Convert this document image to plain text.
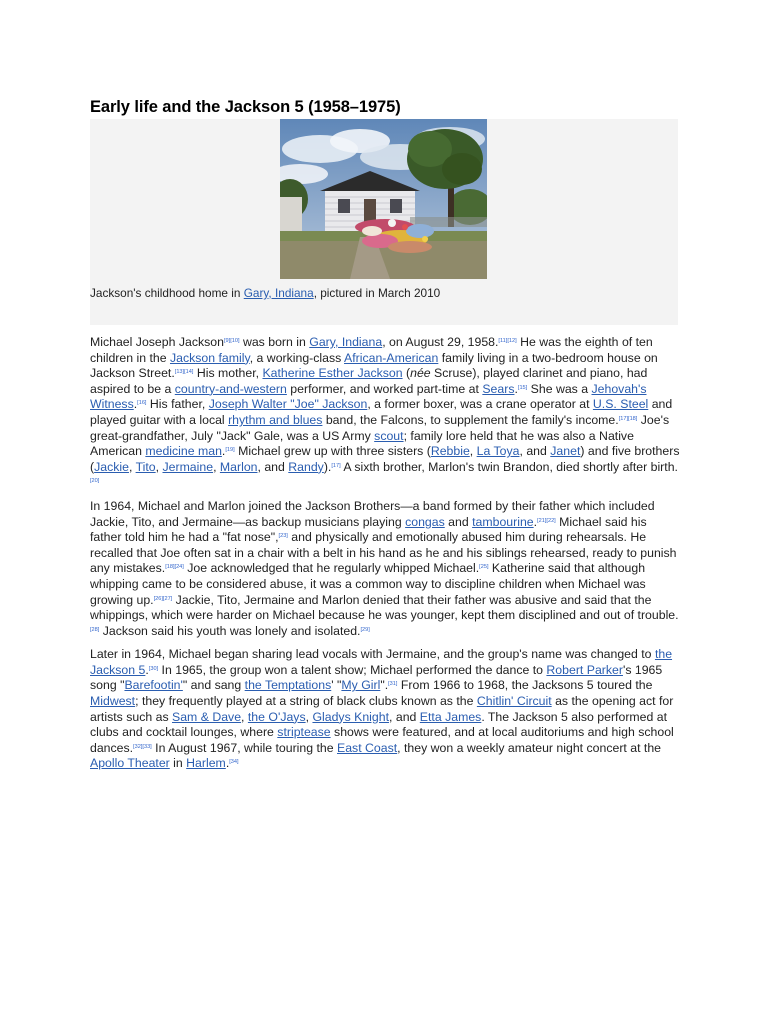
Early life and the Jackson 5 (1958–1975)
Jackson's childhood home in Gary, Indiana, pictured in March 2010

Michael Joseph Jackson[9][10] was born in Gary, Indiana, on August 29, 1958.[11][12] He was the eighth of ten children in the Jackson family, a working-class African-American family living in a two-bedroom house on Jackson Street.[13][14] His mother, Katherine Esther Jackson (née Scruse), played clarinet and piano, had aspired to be a country-and-western performer, and worked part-time at Sears.[15] She was a Jehovah's Witness.[16] His father, Joseph Walter "Joe" Jackson, a former boxer, was a crane operator at U.S. Steel and played guitar with a local rhythm and blues band, the Falcons, to supplement the family's income.[17][18] Joe's great-grandfather, July "Jack" Gale, was a US Army scout; family lore held that he was also a Native American medicine man.[19] Michael grew up with three sisters (Rebbie, La Toya, and Janet) and five brothers (Jackie, Tito, Jermaine, Marlon, and Randy).[17] A sixth brother, Marlon's twin Brandon, died shortly after birth.[20]

In 1964, Michael and Marlon joined the Jackson Brothers—a band formed by their father which included Jackie, Tito, and Jermaine—as backup musicians playing congas and tambourine.[21][22] Michael said his father told him he had a "fat nose",[23] and physically and emotionally abused him during rehearsals. He recalled that Joe often sat in a chair with a belt in his hand as he and his siblings rehearsed, ready to punish any mistakes.[18][24] Joe acknowledged that he regularly whipped Michael.[25] Katherine said that although whipping came to be considered abuse, it was a common way to discipline children when Michael was growing up.[26][27] Jackie, Tito, Jermaine and Marlon denied that their father was abusive and said that the whippings, which were harder on Michael because he was younger, kept them disciplined and out of trouble.[28] Jackson said his youth was lonely and isolated.[29]

Later in 1964, Michael began sharing lead vocals with Jermaine, and the group's name was changed to the Jackson 5.[30] In 1965, the group won a talent show; Michael performed the dance to Robert Parker's 1965 song "Barefootin'" and sang the Temptations' "My Girl".[31] From 1966 to 1968, the Jacksons 5 toured the Midwest; they frequently played at a string of black clubs known as the Chitlin' Circuit as the opening act for artists such as Sam & Dave, the O'Jays, Gladys Knight, and Etta James. The Jackson 5 also performed at clubs and cocktail lounges, where striptease shows were featured, and at local auditoriums and high school dances.[32][33] In August 1967, while touring the East Coast, they won a weekly amateur night concert at the Apollo Theater in Harlem.[34]
